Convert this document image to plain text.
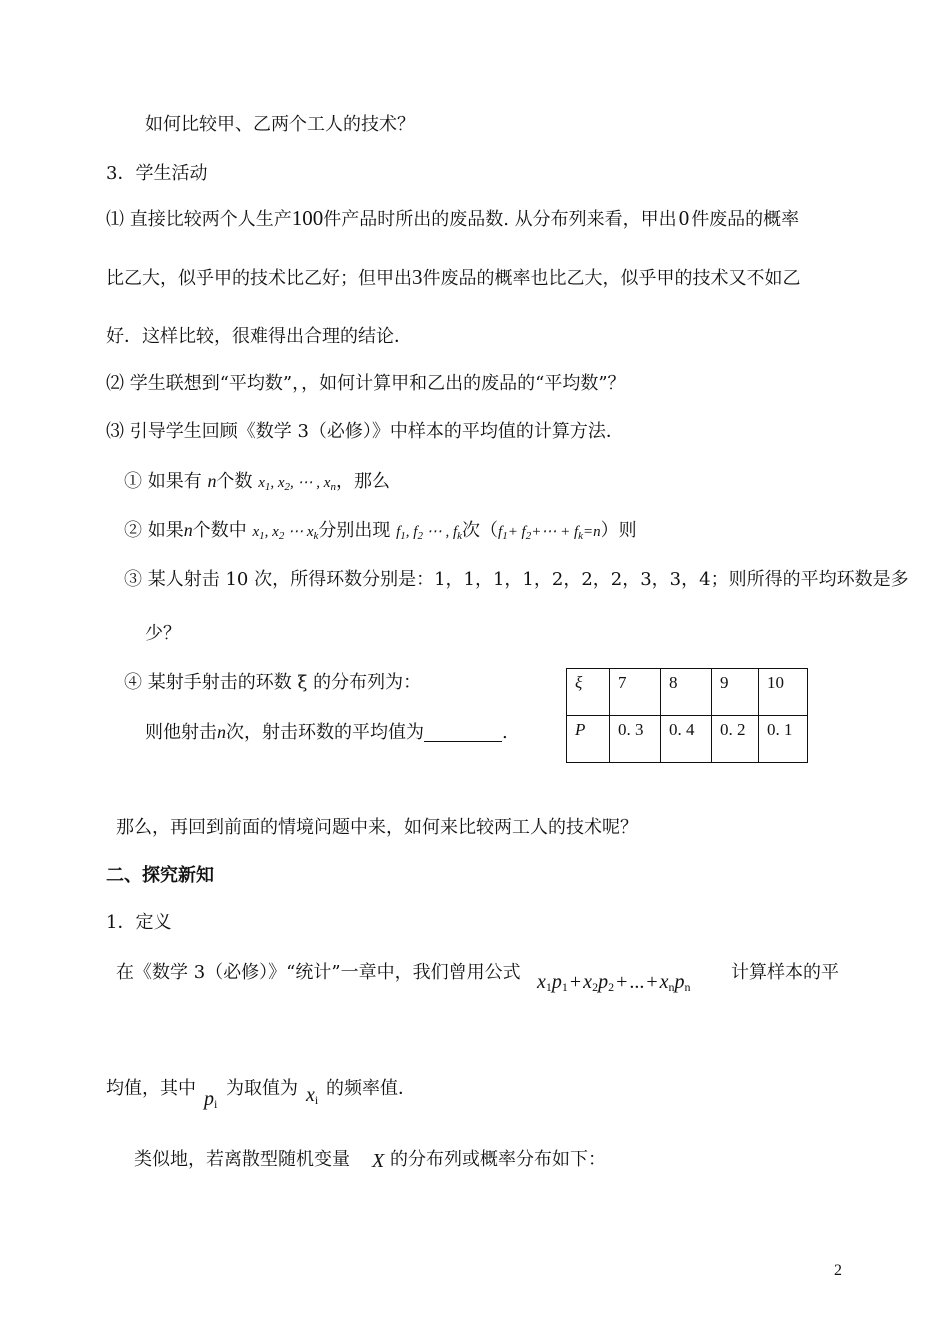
如何比较甲、乙两个工人的技术？
3．学生活动
⑴ 直接比较两个人生产100件产品时所出的废品数. 从分布列来看，甲出0 件废品的概率
比乙大，似乎甲的技术比乙好；但甲出3件废品的概率也比乙大，似乎甲的技术又不如乙
好．这样比较，很难得出合理的结论．
⑵ 学生联想到“平均数”，，如何计算甲和乙出的废品的“平均数”？
⑶ 引导学生回顾《数学 3（必修）》中样本的平均值的计算方法．
① 如果有 n个数 $x_1$, $x_2$, ⋯ , $x_n$，那么
② 如果n个数中 $x_1$, $x_2$ ⋯ $x_k$分别出现 $f_1$, $f_2$ ⋯ , $f_k$次（$f_1+$ $f_2+\cdots + f_k=n$）则
③ 某人射击 10 次，所得环数分别是：1，1，1，1，2，2，2，3，3，4；则所得的平均环数是多
少？
④ 某射手射击的环数 ξ 的分布列为：
则他射击n次，射击环数的平均值为	.
ξ	7	8	9	10
P	0. 3	0. 4	0. 2	0. 1
那么，再回到前面的情境问题中来，如何来比较两工人的技术呢？
二、探究新知
1．定义
在《数学 3（必修）》“统计”一章中，我们曾用公式 $x_1p_1 + x_2p_2$ + ... + $x_np_n$
计算样本的平
均值，其中 $p_i$
为取值为 $x_i$
的频率值．
类似地，若离散型随机变量 X 的分布列或概率分布如下：
2
